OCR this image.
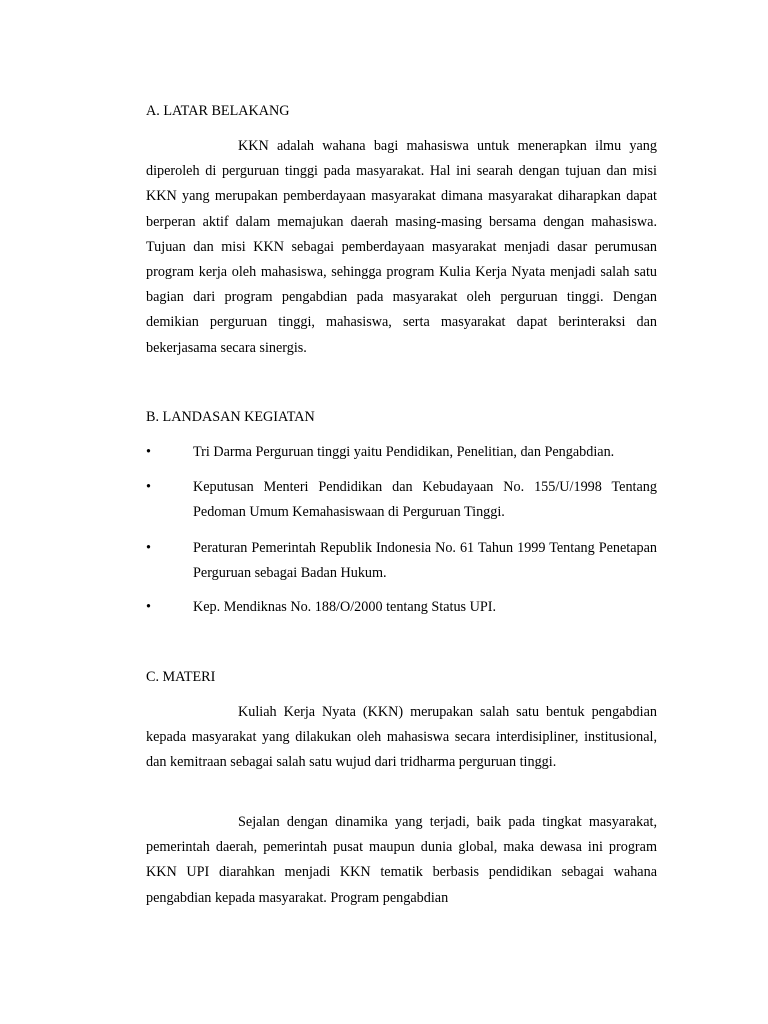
A. LATAR BELAKANG

KKN adalah wahana bagi mahasiswa untuk menerapkan ilmu yang diperoleh di perguruan tinggi pada masyarakat. Hal ini searah dengan tujuan dan misi KKN yang merupakan pemberdayaan masyarakat dimana masyarakat diharapkan dapat berperan aktif dalam memajukan daerah masing-masing bersama dengan mahasiswa. Tujuan dan misi KKN sebagai pemberdayaan masyarakat menjadi dasar perumusan program kerja oleh mahasiswa, sehingga program Kulia Kerja Nyata menjadi salah satu bagian dari program pengabdian pada masyarakat oleh perguruan tinggi. Dengan demikian perguruan tinggi, mahasiswa, serta masyarakat dapat berinteraksi dan bekerjasama secara sinergis.

B. LANDASAN KEGIATAN
•	Tri Darma Perguruan tinggi yaitu Pendidikan, Penelitian, dan Pengabdian.

•	Keputusan Menteri Pendidikan dan Kebudayaan No. 155/U/1998 Tentang Pedoman Umum Kemahasiswaan di Perguruan Tinggi.

•	Peraturan Pemerintah Republik Indonesia No. 61 Tahun 1999 Tentang Penetapan Perguruan sebagai Badan Hukum.

•	Kep. Mendiknas No. 188/O/2000 tentang Status UPI.

C. MATERI

Kuliah Kerja Nyata (KKN) merupakan salah satu bentuk pengabdian kepada masyarakat yang dilakukan oleh mahasiswa secara interdisipliner, institusional, dan kemitraan sebagai salah satu wujud dari tridharma perguruan tinggi.

Sejalan dengan dinamika yang terjadi, baik pada tingkat masyarakat, pemerintah daerah, pemerintah pusat maupun dunia global, maka dewasa ini program KKN UPI diarahkan menjadi KKN tematik berbasis pendidikan sebagai wahana pengabdian kepada masyarakat. Program pengabdian
